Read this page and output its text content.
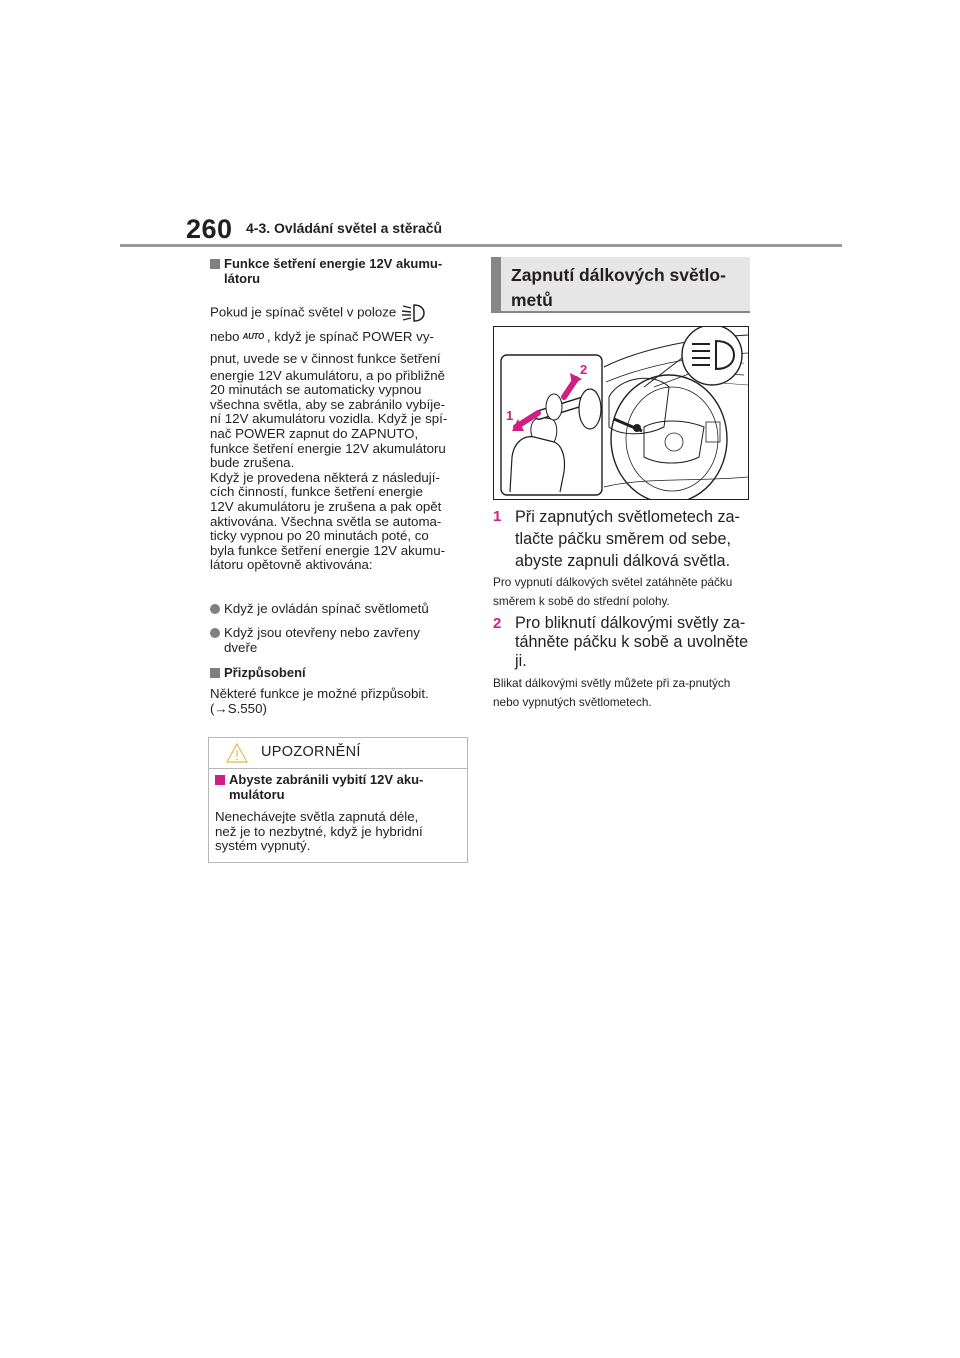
260 4-3. Ovládání světel a stěračů
Funkce šetření energie 12V akumu-látoru
Pokud je spínač světel v poloze
nebo AUTO , když je spínač POWER vy-
pnut, uvede se v činnost funkce šetření
energie 12V akumulátoru, a po přibližně
20 minutách se automaticky vypnou
všechna světla, aby se zabránilo vybíje-
ní 12V akumulátoru vozidla. Když je spí-
nač POWER zapnut do ZAPNUTO,
funkce šetření energie 12V akumulátoru
bude zrušena.
Když je provedena některá z následují-
cích činností, funkce šetření energie
12V akumulátoru je zrušena a pak opět
aktivována. Všechna světla se automa-
ticky vypnou po 20 minutách poté, co
byla funkce šetření energie 12V akumu-
látoru opětovně aktivována:
Když je ovládán spínač světlometů
Když jsou otevřeny nebo zavřeny dveře
Přizpůsobení
Některé funkce je možné přizpůsobit.
(→S.550)
UPOZORNĚNÍ
Abyste zabránili vybití 12V aku-mulátoru
Nenechávejte světla zapnutá déle,
než je to nezbytné, když je hybridní
systém vypnutý.
Zapnutí dálkových světlo-metů
1
2
1 Při zapnutých světlometech za-tlačte páčku směrem od sebe, abyste zapnuli dálková světla.
Pro vypnutí dálkových světel zatáhněte páčku směrem k sobě do střední polohy.
2 Pro bliknutí dálkovými světly za-táhněte páčku k sobě a uvolněte ji.
Blikat dálkovými světly můžete při za-pnutých nebo vypnutých světlometech.
